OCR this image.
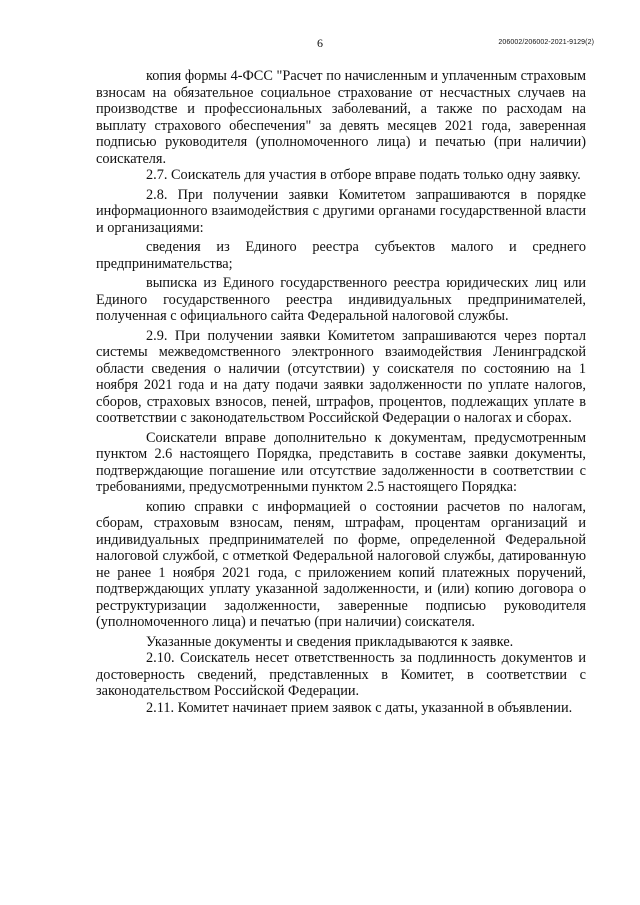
6	206002/206002-2021-9129(2)

копия формы 4-ФСС "Расчет по начисленным и уплаченным страховым взносам на обязательное социальное страхование от несчастных случаев на производстве и профессиональных заболеваний, а также по расходам на выплату страхового обеспечения" за девять месяцев 2021 года, заверенная подписью руководителя (уполномоченного лица) и печатью (при наличии) соискателя.

2.7. Соискатель для участия в отборе вправе подать только одну заявку.

2.8. При получении заявки Комитетом запрашиваются в порядке информационного взаимодействия с другими органами государственной власти и организациями:

сведения из Единого реестра субъектов малого и среднего предпринимательства;

выписка из Единого государственного реестра юридических лиц или Единого государственного реестра индивидуальных предпринимателей, полученная с официального сайта Федеральной налоговой службы.

2.9. При получении заявки Комитетом запрашиваются через портал системы межведомственного электронного взаимодействия Ленинградской области сведения о наличии (отсутствии) у соискателя по состоянию на 1 ноября 2021 года и на дату подачи заявки задолженности по уплате налогов, сборов, страховых взносов, пеней, штрафов, процентов, подлежащих уплате в соответствии с законодательством Российской Федерации о налогах и сборах.

Соискатели вправе дополнительно к документам, предусмотренным пунктом 2.6 настоящего Порядка, представить в составе заявки документы, подтверждающие погашение или отсутствие задолженности в соответствии с требованиями, предусмотренными пунктом 2.5 настоящего Порядка:

копию справки с информацией о состоянии расчетов по налогам, сборам, страховым взносам, пеням, штрафам, процентам организаций и индивидуальных предпринимателей по форме, определенной Федеральной налоговой службой, с отметкой Федеральной налоговой службы, датированную не ранее 1 ноября 2021 года, с приложением копий платежных поручений, подтверждающих уплату указанной задолженности, и (или) копию договора о реструктуризации задолженности, заверенные подписью руководителя (уполномоченного лица) и печатью (при наличии) соискателя.

Указанные документы и сведения прикладываются к заявке.

2.10. Соискатель несет ответственность за подлинность документов и достоверность сведений, представленных в Комитет, в соответствии с законодательством Российской Федерации.

2.11. Комитет начинает прием заявок с даты, указанной в объявлении.
